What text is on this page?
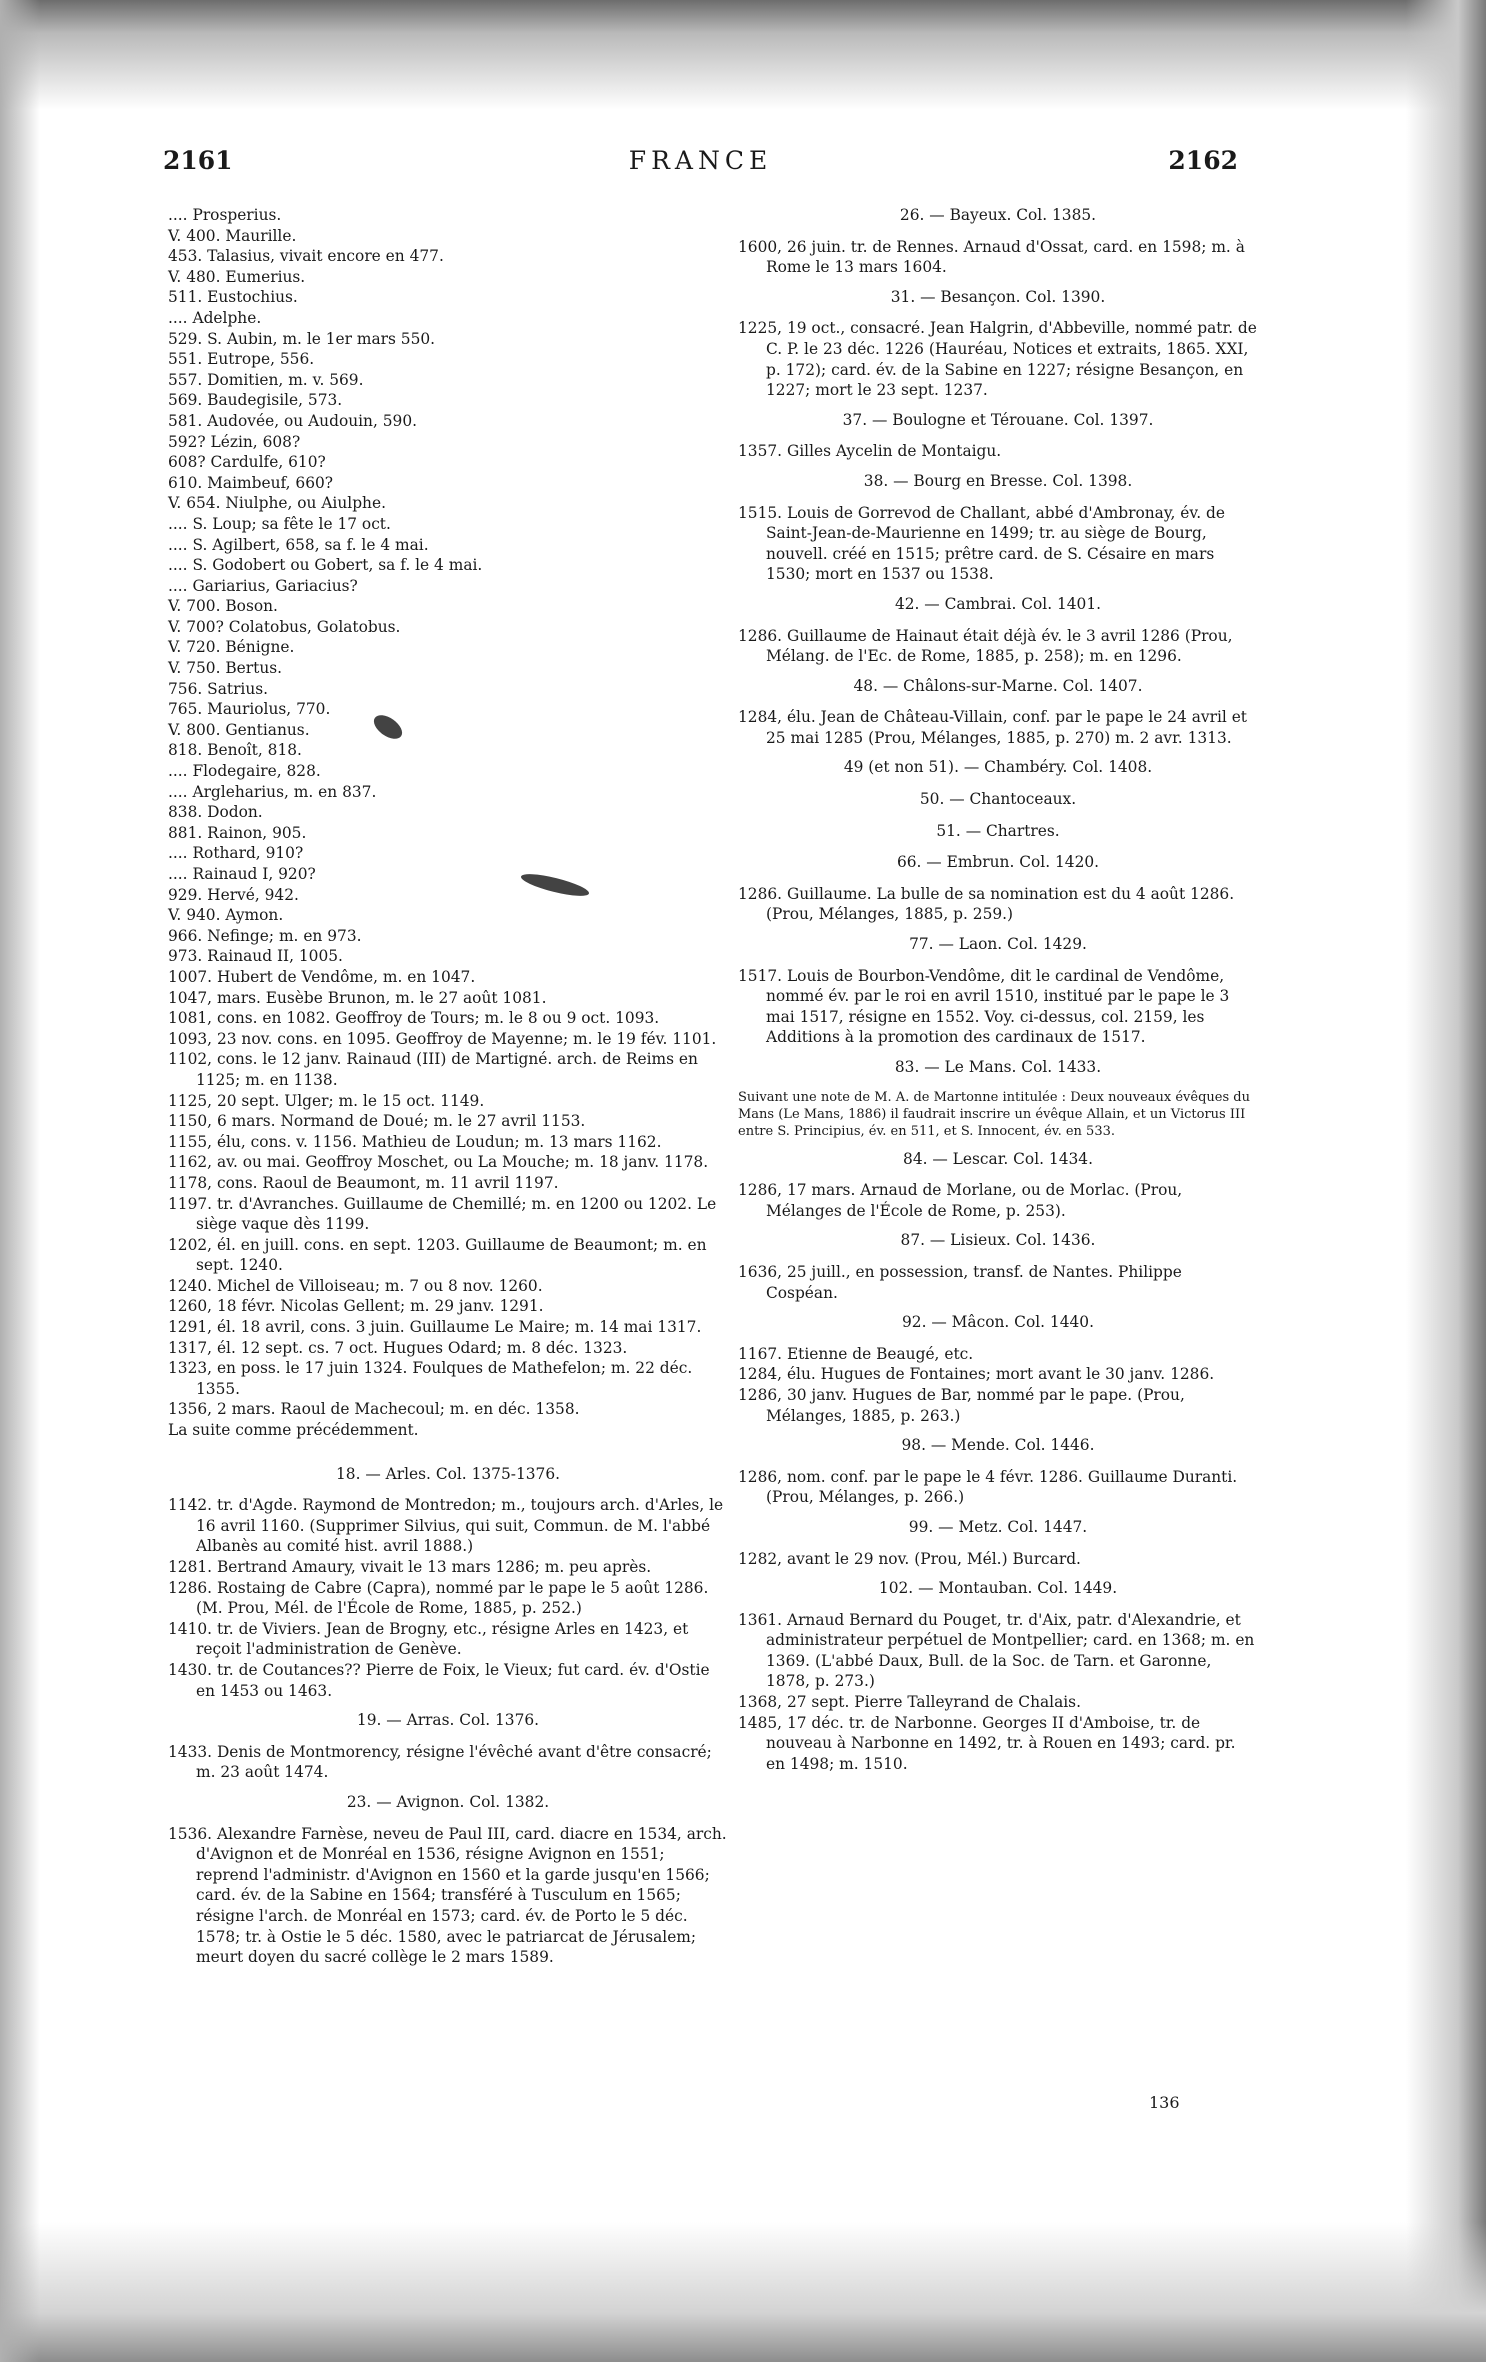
2161	FRANCE	2162
.... Prosperius.
V. 400. Maurille.
453. Talasius, vivait encore en 477.
V. 480. Eumerius.
511. Eustochius.
.... Adelphe.
529. S. Aubin, m. le 1er mars 550.
551. Eutrope, 556.
557. Domitien, m. v. 569.
569. Baudegisile, 573.
581. Audovée, ou Audouin, 590.
592? Lézin, 608?
608? Cardulfe, 610?
610. Maimbeuf, 660?
V. 654. Niulphe, ou Aiulphe.
.... S. Loup; sa fête le 17 oct.
.... S. Agilbert, 658, sa f. le 4 mai.
.... S. Godobert ou Gobert, sa f. le 4 mai.
.... Gariarius, Gariacius?
V. 700. Boson.
V. 700? Colatobus, Golatobus.
V. 720. Bénigne.
V. 750. Bertus.
756. Satrius.
765. Mauriolus, 770.
V. 800. Gentianus.
818. Benoît, 818.
.... Flodegaire, 828.
.... Argleharius, m. en 837.
838. Dodon.
881. Rainon, 905.
.... Rothard, 910?
.... Rainaud I, 920?
929. Hervé, 942.
V. 940. Aymon.
966. Nefinge; m. en 973.
973. Rainaud II, 1005.
1007. Hubert de Vendôme, m. en 1047.
1047, mars. Eusèbe Brunon, m. le 27 août 1081.
1081, cons. en 1082. Geoffroy de Tours; m. le 8 ou 9 oct. 1093.
1093, 23 nov. cons. en 1095. Geoffroy de Mayenne; m. le 19 fév. 1101.
1102, cons. le 12 janv. Rainaud (III) de Martigné. arch. de Reims en 1125; m. en 1138.
1125, 20 sept. Ulger; m. le 15 oct. 1149.
1150, 6 mars. Normand de Doué; m. le 27 avril 1153.
1155, élu, cons. v. 1156. Mathieu de Loudun; m. 13 mars 1162.
1162, av. ou mai. Geoffroy Moschet, ou La Mouche; m. 18 janv. 1178.
1178, cons. Raoul de Beaumont, m. 11 avril 1197.
1197. tr. d'Avranches. Guillaume de Chemillé; m. en 1200 ou 1202. Le siège vaque dès 1199.
1202, él. en juill. cons. en sept. 1203. Guillaume de Beaumont; m. en sept. 1240.
1240. Michel de Villoiseau; m. 7 ou 8 nov. 1260.
1260, 18 févr. Nicolas Gellent; m. 29 janv. 1291.
1291, él. 18 avril, cons. 3 juin. Guillaume Le Maire; m. 14 mai 1317.
1317, él. 12 sept. cs. 7 oct. Hugues Odard; m. 8 déc. 1323.
1323, en poss. le 17 juin 1324. Foulques de Mathefelon; m. 22 déc. 1355.
1356, 2 mars. Raoul de Machecoul; m. en déc. 1358.
La suite comme précédemment.
18. — Arles. Col. 1375-1376.
1142. tr. d'Agde. Raymond de Montredon; m., toujours arch. d'Arles, le 16 avril 1160. (Supprimer Silvius, qui suit, Commun. de M. l'abbé Albanès au comité hist. avril 1888.)
1281. Bertrand Amaury, vivait le 13 mars 1286; m. peu après.
1286. Rostaing de Cabre (Capra), nommé par le pape le 5 août 1286. (M. Prou, Mél. de l'École de Rome, 1885, p. 252.)
1410. tr. de Viviers. Jean de Brogny, etc., résigne Arles en 1423, et reçoit l'administration de Genève.
1430. tr. de Coutances?? Pierre de Foix, le Vieux; fut card. év. d'Ostie en 1453 ou 1463.
19. — Arras. Col. 1376.
1433. Denis de Montmorency, résigne l'évêché avant d'être consacré; m. 23 août 1474.
23. — Avignon. Col. 1382.
1536. Alexandre Farnèse, neveu de Paul III, card. diacre en 1534, arch. d'Avignon et de Monréal en 1536, résigne Avignon en 1551; reprend l'administr. d'Avignon en 1560 et la garde jusqu'en 1566; card. év. de la Sabine en 1564; transféré à Tusculum en 1565; résigne l'arch. de Monréal en 1573; card. év. de Porto le 5 déc. 1578; tr. à Ostie le 5 déc. 1580, avec le patriarcat de Jérusalem; meurt doyen du sacré collège le 2 mars 1589.
26. — Bayeux. Col. 1385.
1600, 26 juin. tr. de Rennes. Arnaud d'Ossat, card. en 1598; m. à Rome le 13 mars 1604.
31. — Besançon. Col. 1390.
1225, 19 oct., consacré. Jean Halgrin, d'Abbeville, nommé patr. de C. P. le 23 déc. 1226 (Hauréau, Notices et extraits, 1865. XXI, p. 172); card. év. de la Sabine en 1227; résigne Besançon, en 1227; mort le 23 sept. 1237.
37. — Boulogne et Térouane. Col. 1397.
1357. Gilles Aycelin de Montaigu.
38. — Bourg en Bresse. Col. 1398.
1515. Louis de Gorrevod de Challant, abbé d'Ambronay, év. de Saint-Jean-de-Maurienne en 1499; tr. au siège de Bourg, nouvell. créé en 1515; prêtre card. de S. Césaire en mars 1530; mort en 1537 ou 1538.
42. — Cambrai. Col. 1401.
1286. Guillaume de Hainaut était déjà év. le 3 avril 1286 (Prou, Mélang. de l'Ec. de Rome, 1885, p. 258); m. en 1296.
48. — Châlons-sur-Marne. Col. 1407.
1284, élu. Jean de Château-Villain, conf. par le pape le 24 avril et 25 mai 1285 (Prou, Mélanges, 1885, p. 270) m. 2 avr. 1313.
49 (et non 51). — Chambéry. Col. 1408.
50. — Chantoceaux.
51. — Chartres.
66. — Embrun. Col. 1420.
1286. Guillaume. La bulle de sa nomination est du 4 août 1286. (Prou, Mélanges, 1885, p. 259.)
77. — Laon. Col. 1429.
1517. Louis de Bourbon-Vendôme, dit le cardinal de Vendôme, nommé év. par le roi en avril 1510, institué par le pape le 3 mai 1517, résigne en 1552. Voy. ci-dessus, col. 2159, les Additions à la promotion des cardinaux de 1517.
83. — Le Mans. Col. 1433.
Suivant une note de M. A. de Martonne intitulée : Deux nouveaux évêques du Mans (Le Mans, 1886) il faudrait inscrire un évêque Allain, et un Victorus III entre S. Principius, év. en 511, et S. Innocent, év. en 533.
84. — Lescar. Col. 1434.
1286, 17 mars. Arnaud de Morlane, ou de Morlac. (Prou, Mélanges de l'École de Rome, p. 253).
87. — Lisieux. Col. 1436.
1636, 25 juill., en possession, transf. de Nantes. Philippe Cospéan.
92. — Mâcon. Col. 1440.
1167. Etienne de Beaugé, etc.
1284, élu. Hugues de Fontaines; mort avant le 30 janv. 1286.
1286, 30 janv. Hugues de Bar, nommé par le pape. (Prou, Mélanges, 1885, p. 263.)
98. — Mende. Col. 1446.
1286, nom. conf. par le pape le 4 févr. 1286. Guillaume Duranti. (Prou, Mélanges, p. 266.)
99. — Metz. Col. 1447.
1282, avant le 29 nov. (Prou, Mél.) Burcard.
102. — Montauban. Col. 1449.
1361. Arnaud Bernard du Pouget, tr. d'Aix, patr. d'Alexandrie, et administrateur perpétuel de Montpellier; card. en 1368; m. en 1369. (L'abbé Daux, Bull. de la Soc. de Tarn. et Garonne, 1878, p. 273.)
1368, 27 sept. Pierre Talleyrand de Chalais.
1485, 17 déc. tr. de Narbonne. Georges II d'Amboise, tr. de nouveau à Narbonne en 1492, tr. à Rouen en 1493; card. pr. en 1498; m. 1510.
136
